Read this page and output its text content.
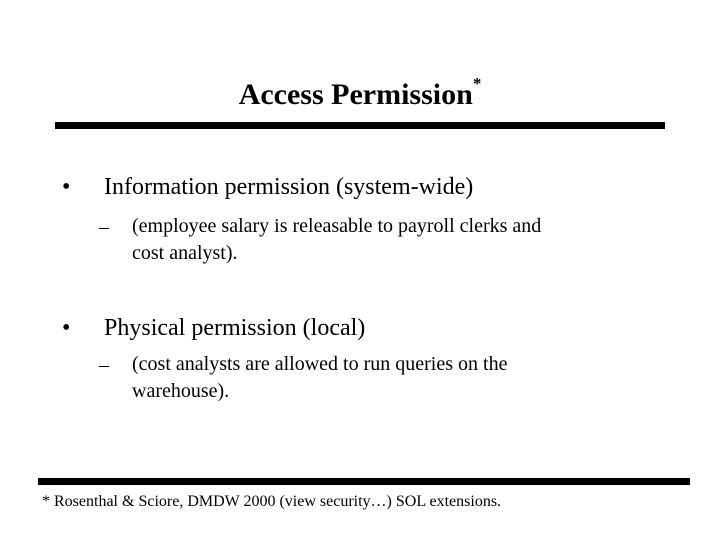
Access Permission*
• Information permission (system-wide)
– (employee salary is releasable to payroll clerks and
cost analyst).
• Physical permission (local)
– (cost analysts are allowed to run queries on the
warehouse).
* Rosenthal & Sciore, DMDW 2000 (view security…) SOL extensions.
